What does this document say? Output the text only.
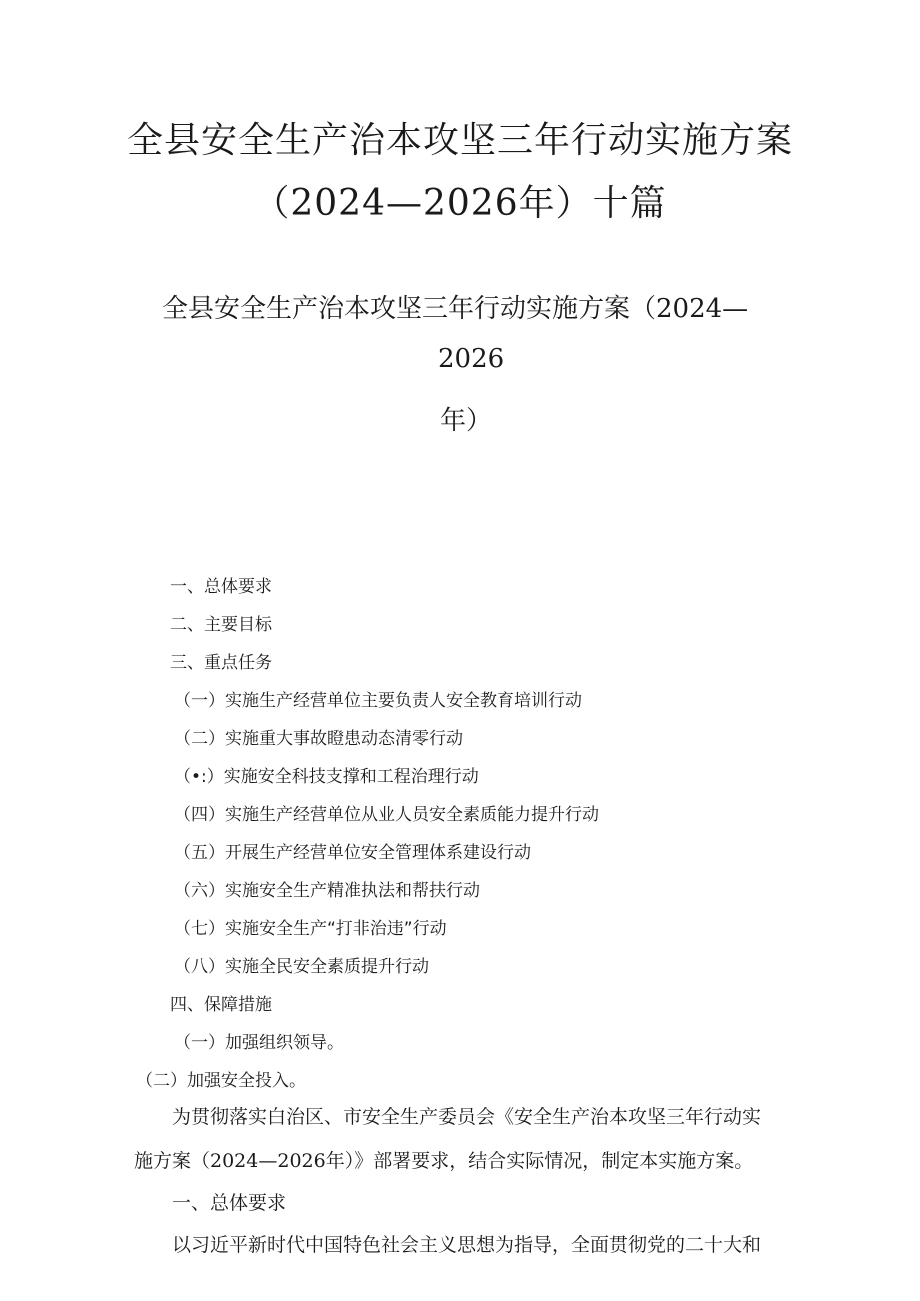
全县安全生产治本攻坚三年行动实施方案
（2024—2026年）十篇
全县安全生产治本攻坚三年行动实施方案（2024—
2026
年）
一、总体要求
二、主要目标
三、重点任务
（一）实施生产经营单位主要负责人安全教育培训行动
（二）实施重大事故瞪患动态清零行动
（•:）实施安全科技支撑和工程治理行动
（四）实施生产经营单位从业人员安全素质能力提升行动
（五）开展生产经营单位安全管理体系建设行动
（六）实施安全生产精准执法和帮扶行动
（七）实施安全生产“打非治违”行动
（八）实施全民安全素质提升行动
四、保障措施
（一）加强组织领导。
（二）加强安全投入。
为贯彻落实白治区、市安全生产委员会《安全生产治本攻坚三年行动实
施方案（2024—2026年）》部署要求，结合实际情况，制定本实施方案。
一、总体要求
以习近平新时代中国特色社会主义思想为指导，全面贯彻党的二十大和
